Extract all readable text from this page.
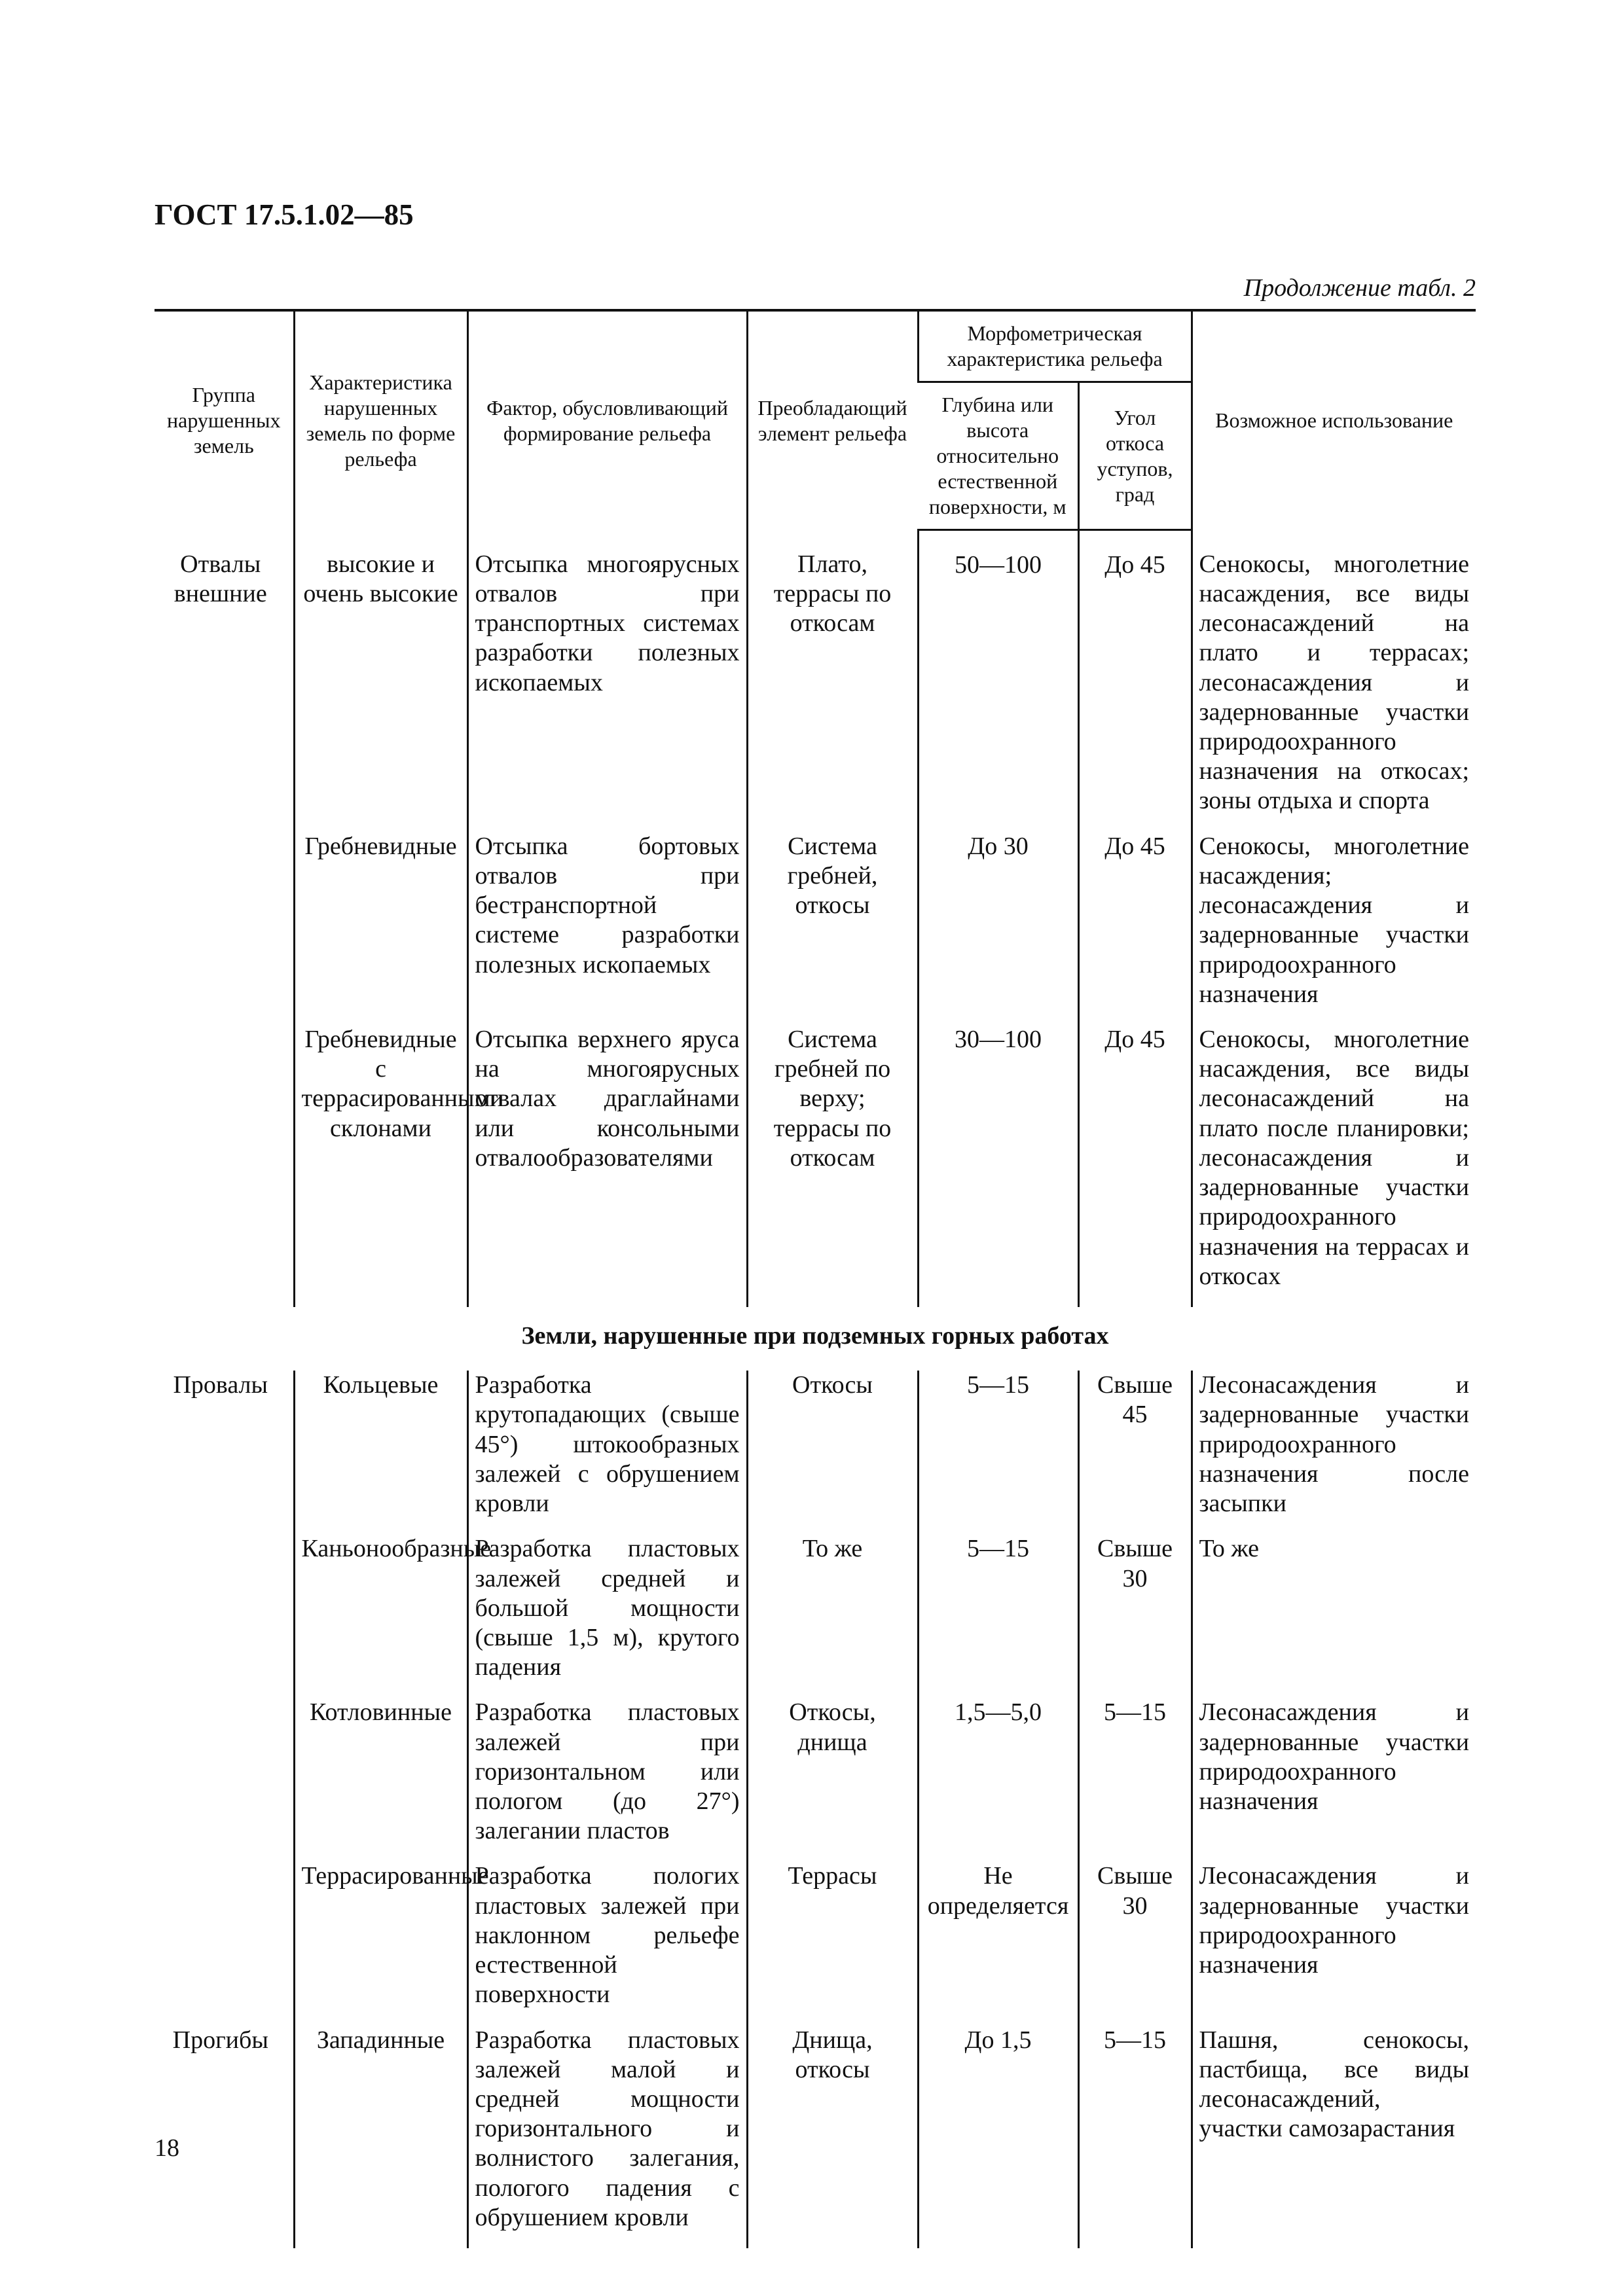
ГОСТ 17.5.1.02—85
Продолжение табл. 2
Группа нарушенных земель	Характеристика нарушенных земель по форме рельефа	Фактор, обусловливающий формирование рельефа	Преобладающий элемент рельефа	Морфометрическая характеристика рельефа		Возможное использование
				Глубина или высота относительно естественной поверхности, м	Угол откоса уступов, град	
Отвалы внешние	высокие и очень высокие	Отсыпка многоярусных отвалов при транспортных системах разработки полезных ископаемых	Плато, террасы по откосам	50—100	До 45	Сенокосы, многолетние насаждения, все виды лесонасаждений на плато и террасах; лесонасаждения и задернованные участки природоохранного назначения на откосах; зоны отдыха и спорта
	Гребневидные	Отсыпка бортовых отвалов при бестранспортной системе разработки полезных ископаемых	Система гребней, откосы	До 30	До 45	Сенокосы, многолетние насаждения; лесонасаждения и задернованные участки природоохранного назначения
	Гребневидные с террасированными склонами	Отсыпка верхнего яруса на многоярусных отвалах драглайнами или консольными отвалообразователями	Система гребней по верху; террасы по откосам	30—100	До 45	Сенокосы, многолетние насаждения, все виды лесонасаждений на плато после планировки; лесонасаждения и задернованные участки природоохранного назначения на террасах и откосах
Земли, нарушенные при подземных горных работах						
Провалы	Кольцевые	Разработка крутопадающих (свыше 45°) штокообразных залежей с обрушением кровли	Откосы	5—15	Свыше 45	Лесонасаждения и задернованные участки природоохранного назначения после засыпки
	Каньонообразные	Разработка пластовых залежей средней и большой мощности (свыше 1,5 м), крутого падения	То же	5—15	Свыше 30	То же
	Котловинные	Разработка пластовых залежей при горизонтальном или пологом (до 27°) залегании пластов	Откосы, днища	1,5—5,0	5—15	Лесонасаждения и задернованные участки природоохранного назначения
	Террасированные	Разработка пологих пластовых залежей при наклонном рельефе естественной поверхности	Террасы	Не определяется	Свыше 30	Лесонасаждения и задернованные участки природоохранного назначения
Прогибы	Западинные	Разработка пластовых залежей малой и средней мощности горизонтального и волнистого залегания, пологого падения с обрушением кровли	Днища, откосы	До 1,5	5—15	Пашня, сенокосы, пастбища, все виды лесонасаждений, участки самозарастания
18
